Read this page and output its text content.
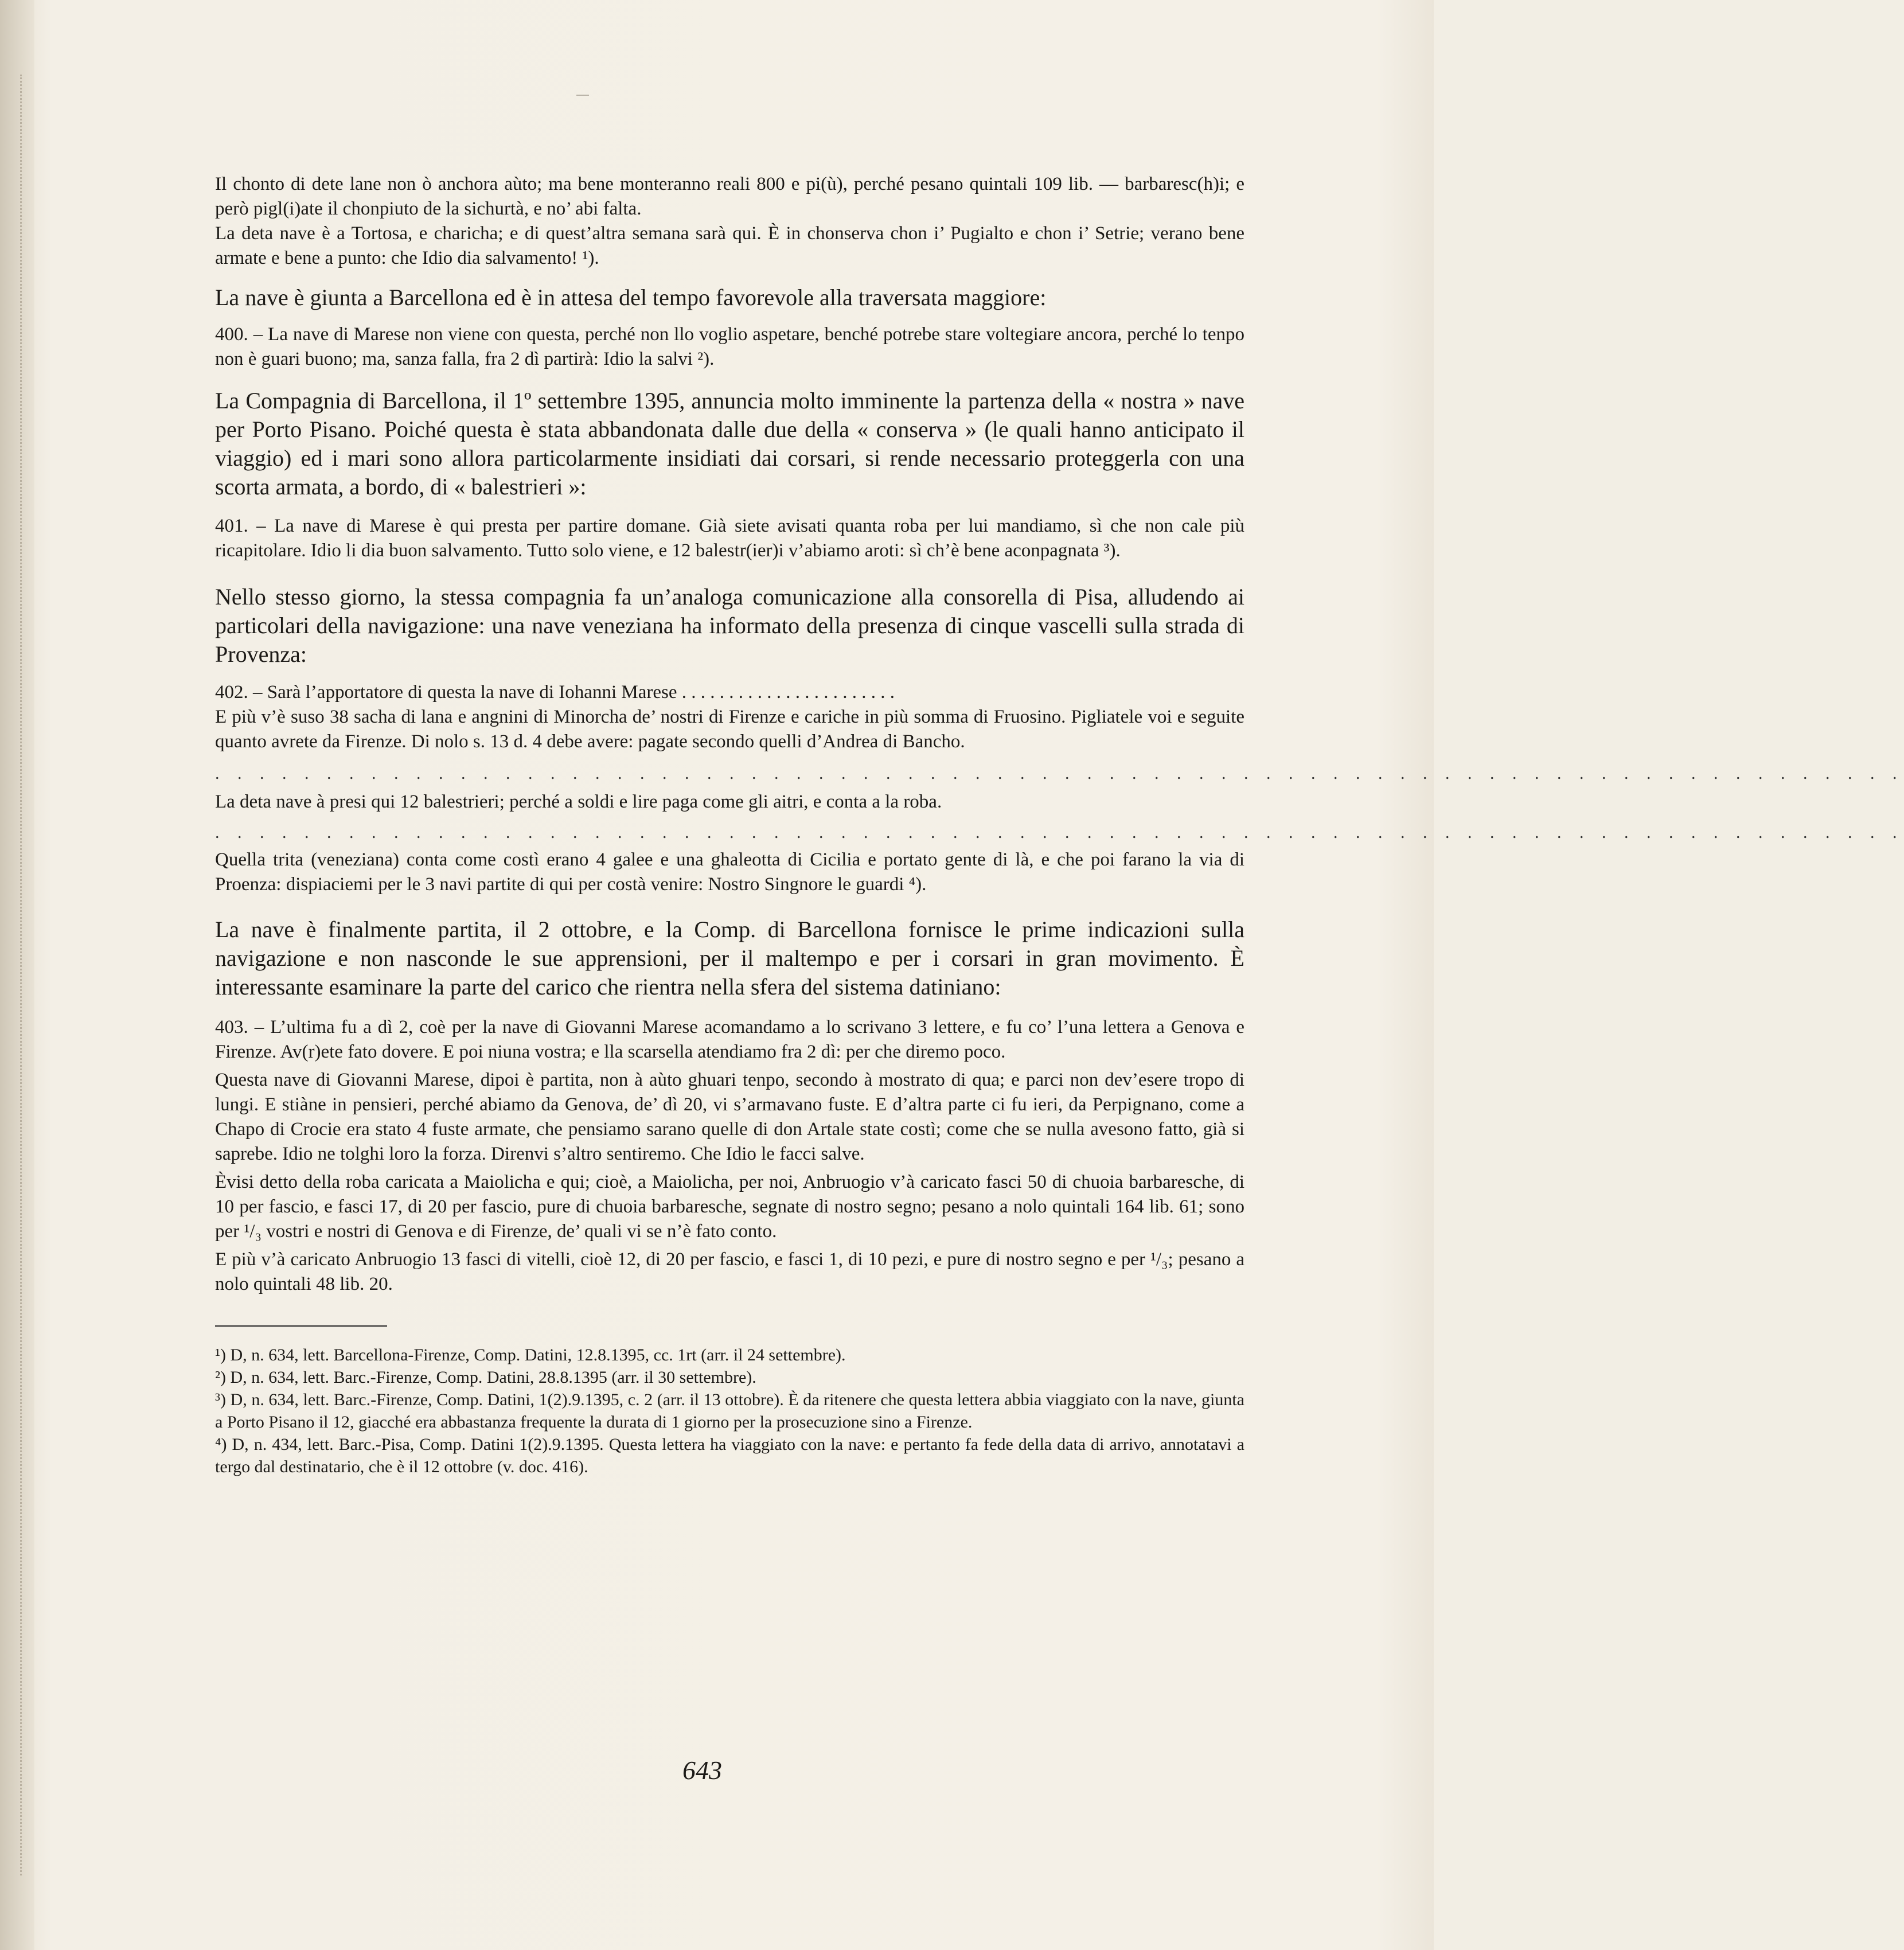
Il chonto di dete lane non ò anchora aùto; ma bene monteranno reali 800 e pi(ù), perché pesano quintali 109 lib. — barbaresc(h)i; e però pigl(i)ate il chonpiuto de la sichurtà, e no’ abi falta.

La deta nave è a Tortosa, e charicha; e di quest’altra semana sarà qui. È in chonserva chon i’ Pugialto e chon i’ Setrie; verano bene armate e bene a punto: che Idio dia salvamento! ¹).

La nave è giunta a Barcellona ed è in attesa del tempo favorevole alla traversata maggiore:

400. – La nave di Marese non viene con questa, perché non llo voglio aspetare, benché potrebe stare voltegiare ancora, perché lo tenpo non è guari buono; ma, sanza falla, fra 2 dì partirà: Idio la salvi ²).

La Compagnia di Barcellona, il 1º settembre 1395, annuncia molto imminente la partenza della « nostra » nave per Porto Pisano. Poiché questa è stata abbandonata dalle due della « conserva » (le quali hanno anticipato il viaggio) ed i mari sono allora particolarmente insidiati dai corsari, si rende necessario proteggerla con una scorta armata, a bordo, di « balestrieri »:

401. – La nave di Marese è qui presta per partire domane. Già siete avisati quanta roba per lui mandiamo, sì che non cale più ricapitolare. Idio li dia buon salvamento. Tutto solo viene, e 12 balestr(ier)i v’abiamo aroti: sì ch’è bene aconpagnata ³).

Nello stesso giorno, la stessa compagnia fa un’analoga comunicazione alla consorella di Pisa, alludendo ai particolari della navigazione: una nave veneziana ha informato della presenza di cinque vascelli sulla strada di Provenza:

402. – Sarà l’apportatore di questa la nave di Iohanni Marese . . . . . . . . . . . . . . . . . . . . . . .

E più v’è suso 38 sacha di lana e angnini di Minorcha de’ nostri di Firenze e cariche in più somma di Fruosino. Pigliatele voi e seguite quanto avrete da Firenze. Di nolo s. 13 d. 4 debe avere: pagate secondo quelli d’Andrea di Bancho.

. . . . . . . . . . . . . . . . . . . . . . . . . . . . . . . . . . . . . . . . . . . . . . . . . . . . . . . . . . . . . . . . . . . . . . . . . . . .

La deta nave à presi qui 12 balestrieri; perché a soldi e lire paga come gli aitri, e conta a la roba.

. . . . . . . . . . . . . . . . . . . . . . . . . . . . . . . . . . . . . . . . . . . . . . . . . . . . . . . . . . . . . . . . . . . . . . . . . . . .

Quella trita (veneziana) conta come costì erano 4 galee e una ghaleotta di Cicilia e portato gente di là, e che poi farano la via di Proenza: dispiaciemi per le 3 navi partite di qui per costà venire: Nostro Singnore le guardi ⁴).

La nave è finalmente partita, il 2 ottobre, e la Comp. di Barcellona fornisce le prime indicazioni sulla navigazione e non nasconde le sue apprensioni, per il maltempo e per i corsari in gran movimento. È interessante esaminare la parte del carico che rientra nella sfera del sistema datiniano:

403. – L’ultima fu a dì 2, coè per la nave di Giovanni Marese acomandamo a lo scrivano 3 lettere, e fu co’ l’una lettera a Genova e Firenze. Av(r)ete fato dovere. E poi niuna vostra; e lla scarsella atendiamo fra 2 dì: per che diremo poco.

Questa nave di Giovanni Marese, dipoi è partita, non à aùto ghuari tenpo, secondo à mostrato di qua; e parci non dev’esere tropo di lungi. E stiàne in pensieri, perché abiamo da Genova, de’ dì 20, vi s’armavano fuste. E d’altra parte ci fu ieri, da Perpignano, come a Chapo di Crocie era stato 4 fuste armate, che pensiamo sarano quelle di don Artale state costì; come che se nulla avesono fatto, già si saprebe. Idio ne tolghi loro la forza. Direnvi s’altro sentiremo. Che Idio le facci salve.

Èvisi detto della roba caricata a Maiolicha e qui; cioè, a Maiolicha, per noi, Anbruogio v’à caricato fasci 50 di chuoia barbaresche, di 10 per fascio, e fasci 17, di 20 per fascio, pure di chuoia barbaresche, segnate di nostro segno; pesano a nolo quintali 164 lib. 61; sono per ¹/₃ vostri e nostri di Genova e di Firenze, de’ quali vi se n’è fato conto.

E più v’à caricato Anbruogio 13 fasci di vitelli, cioè 12, di 20 per fascio, e fasci 1, di 10 pezi, e pure di nostro segno e per ¹/₃; pesano a nolo quintali 48 lib. 20.

¹) D, n. 634, lett. Barcellona-Firenze, Comp. Datini, 12.8.1395, cc. 1rt (arr. il 24 settembre).

²) D, n. 634, lett. Barc.-Firenze, Comp. Datini, 28.8.1395 (arr. il 30 settembre).

³) D, n. 634, lett. Barc.-Firenze, Comp. Datini, 1(2).9.1395, c. 2 (arr. il 13 ottobre). È da ritenere che questa lettera abbia viaggiato con la nave, giunta a Porto Pisano il 12, giacché era abbastanza frequente la durata di 1 giorno per la prosecuzione sino a Firenze.

⁴) D, n. 434, lett. Barc.-Pisa, Comp. Datini 1(2).9.1395. Questa lettera ha viaggiato con la nave: e pertanto fa fede della data di arrivo, annotatavi a tergo dal destinatario, che è il 12 ottobre (v. doc. 416).

643
